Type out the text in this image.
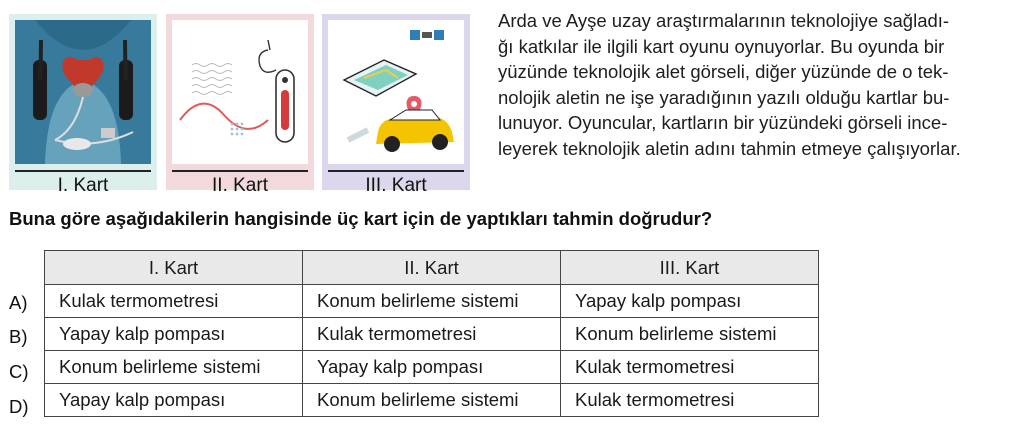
I. Kart	II. Kart	III. Kart
Arda ve Ayşe uzay araştırmalarının teknolojiye sağladı-
ğı katkılar ile ilgili kart oyunu oynuyorlar. Bu oyunda bir
yüzünde teknolojik alet görseli, diğer yüzünde de o tek-
nolojik aletin ne işe yaradığının yazılı olduğu kartlar bu-
lunuyor. Oyuncular, kartların bir yüzündeki görseli ince-
leyerek teknolojik aletin adını tahmin etmeye çalışıyorlar.

Buna göre aşağıdakilerin hangisinde üç kart için de yaptıkları tahmin doğrudur?

A)
B)
C)
D)
I. Kart	II. Kart	III. Kart
Kulak termometresi	Konum belirleme sistemi	Yapay kalp pompası
Yapay kalp pompası	Kulak termometresi	Konum belirleme sistemi
Konum belirleme sistemi	Yapay kalp pompası	Kulak termometresi
Yapay kalp pompası	Konum belirleme sistemi	Kulak termometresi
